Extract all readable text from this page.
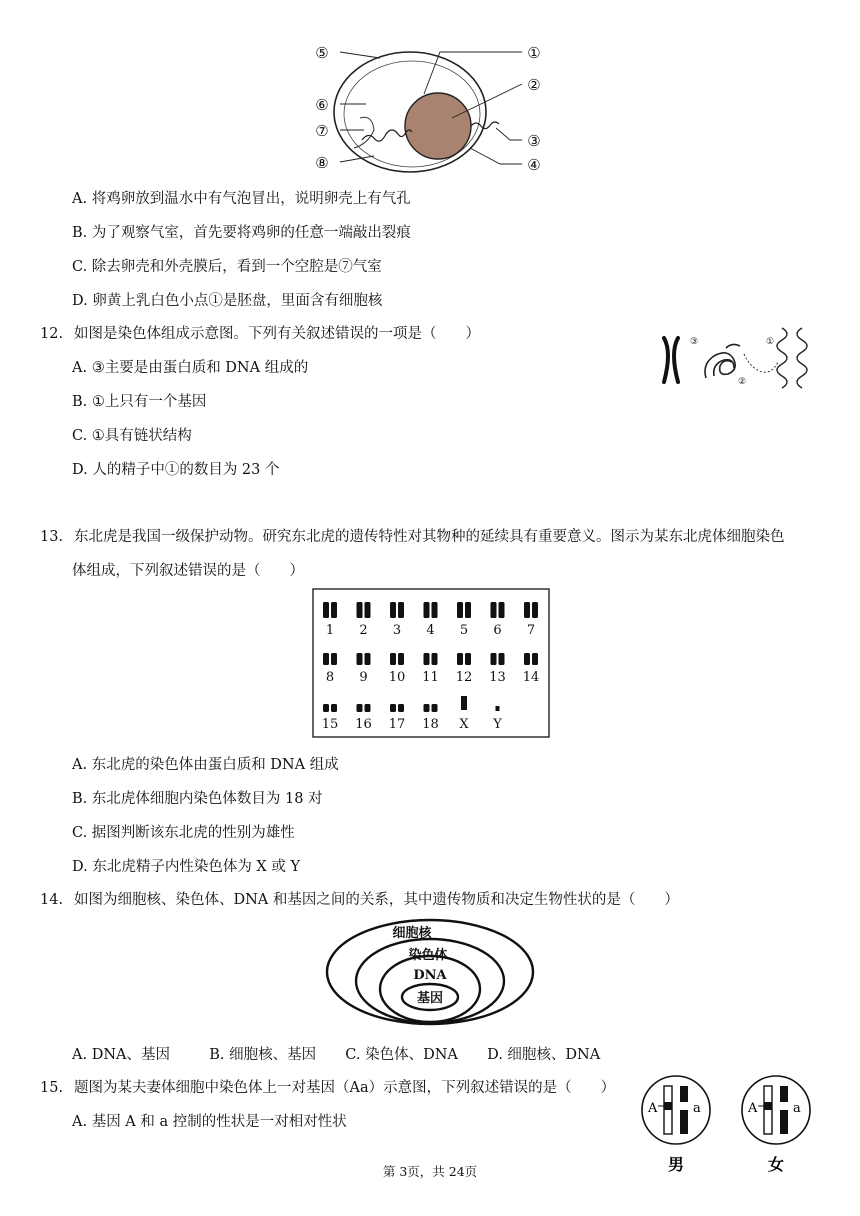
⑤
⑥
⑦
⑧
①
②
③
④
A. 将鸡卵放到温水中有气泡冒出，说明卵壳上有气孔
B. 为了观察气室，首先要将鸡卵的任意一端敲出裂痕
C. 除去卵壳和外壳膜后，看到一个空腔是⑦气室
D. 卵黄上乳白色小点①是胚盘，里面含有细胞核
12. 如图是染色体组成示意图。下列有关叙述错误的一项是（　　）
A. ③主要是由蛋白质和 DNA 组成的
B. ①上只有一个基因
C. ①具有链状结构
D. 人的精子中①的数目为 23 个
③
②
①
13. 东北虎是我国一级保护动物。研究东北虎的遗传特性对其物种的延续具有重要意义。图示为某东北虎体细胞染色
体组成，下列叙述错误的是（　　）
1 2 3 4 5 6 7
8 9 10 11 12 13 14
15 16 17 18 X Y
A. 东北虎的染色体由蛋白质和 DNA 组成
B. 东北虎体细胞内染色体数目为 18 对
C. 据图判断该东北虎的性别为雄性
D. 东北虎精子内性染色体为 X 或 Y
14. 如图为细胞核、染色体、DNA 和基因之间的关系，其中遗传物质和决定生物性状的是（　　）
细胞核
染色体
DNA
基因
A. DNA、基因	B. 细胞核、基因 C. 染色体、DNA D. 细胞核、DNA
15. 题图为某夫妻体细胞中染色体上一对基因（Aa）示意图，下列叙述错误的是（　　）
A. 基因 A 和 a 控制的性状是一对相对性状
A	a
男
A	a
女
第 3页，共 24页
